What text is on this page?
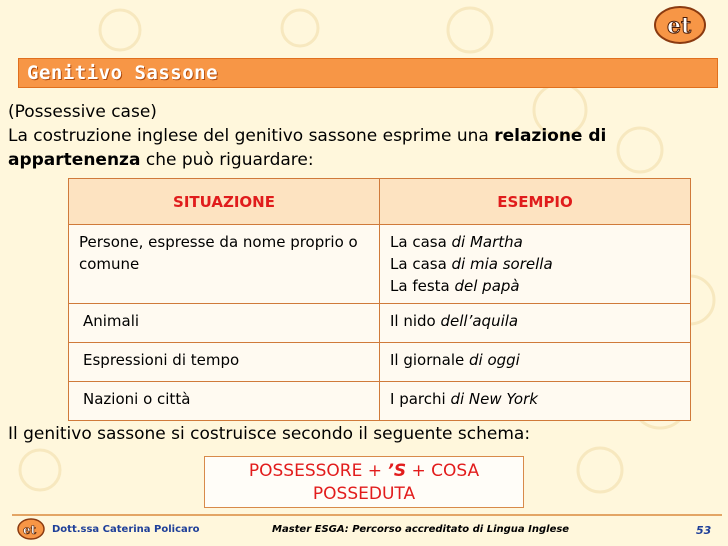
et
Genitivo Sassone

(Possessive case)

La costruzione inglese del genitivo sassone esprime una relazione di

appartenenza che può riguardare:

SITUAZIONE	ESEMPIO
Persone, espresse da nome proprio o comune	La casa di Martha
La casa di mia sorella
La festa del papà

Animali	Il nido dell’aquila
Espressioni di tempo	Il giornale di oggi
Nazioni o città	I parchi di New York
Il genitivo sassone si costruisce secondo il seguente schema:
POSSESSORE + ’S + COSA
POSSEDUTA
et Dott.ssa Caterina Policaro	Master ESGA: Percorso accreditato di Lingua Inglese	53
